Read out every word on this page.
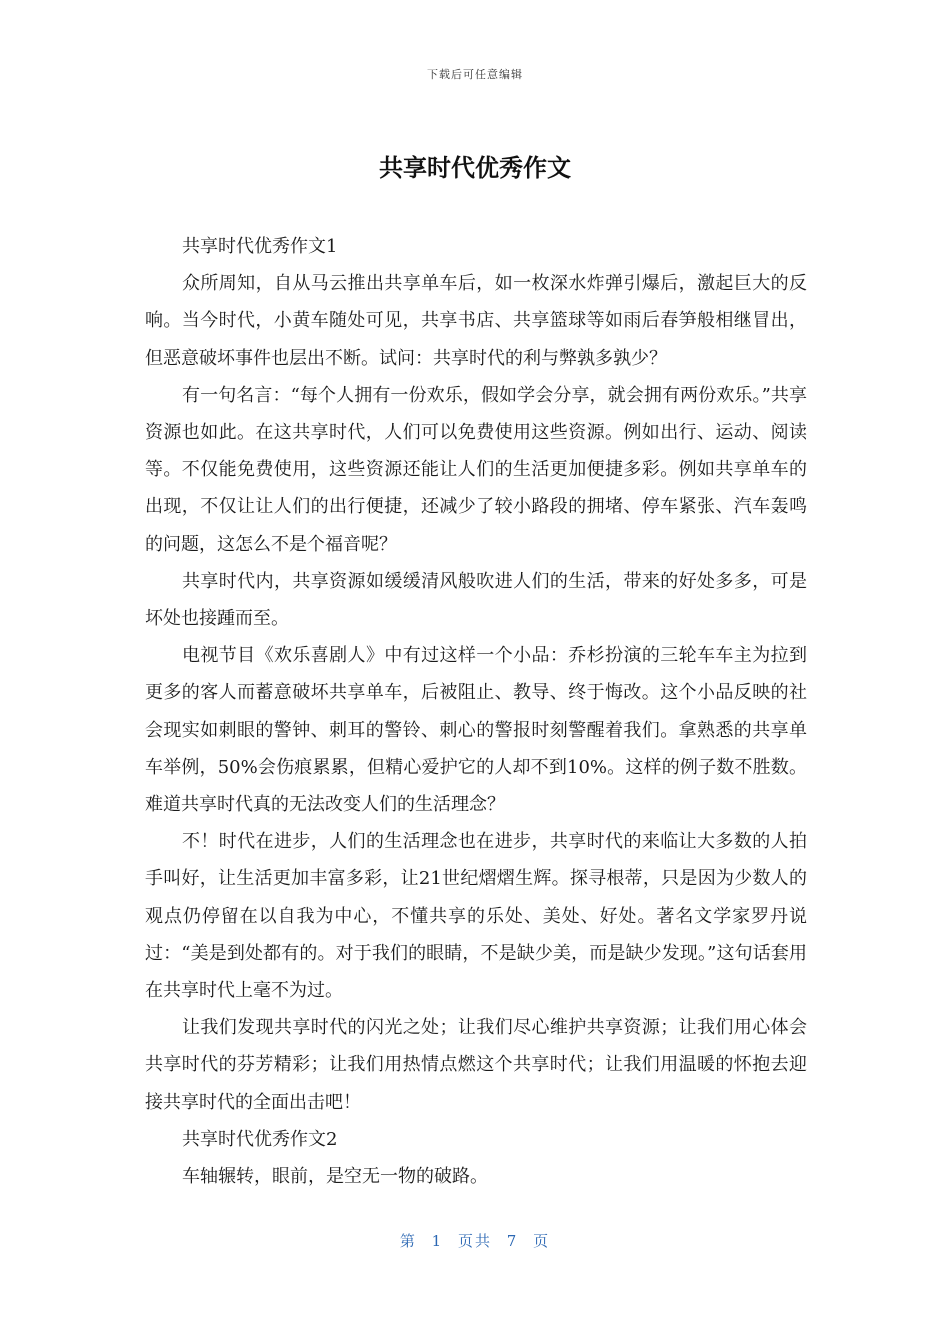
下载后可任意编辑
共享时代优秀作文

共享时代优秀作文1

众所周知，自从马云推出共享单车后，如一枚深水炸弹引爆后，激起巨大的反响。当今时代，小黄车随处可见，共享书店、共享篮球等如雨后春笋般相继冒出，但恶意破坏事件也层出不断。试问：共享时代的利与弊孰多孰少？

有一句名言：“每个人拥有一份欢乐，假如学会分享，就会拥有两份欢乐。”共享资源也如此。在这共享时代，人们可以免费使用这些资源。例如出行、运动、阅读等。不仅能免费使用，这些资源还能让人们的生活更加便捷多彩。例如共享单车的出现，不仅让让人们的出行便捷，还减少了较小路段的拥堵、停车紧张、汽车轰鸣的问题，这怎么不是个福音呢？

共享时代内，共享资源如缓缓清风般吹进人们的生活，带来的好处多多，可是坏处也接踵而至。

电视节目《欢乐喜剧人》中有过这样一个小品：乔杉扮演的三轮车车主为拉到更多的客人而蓄意破坏共享单车，后被阻止、教导、终于悔改。这个小品反映的社会现实如刺眼的警钟、刺耳的警铃、刺心的警报时刻警醒着我们。拿熟悉的共享单车举例，50%会伤痕累累，但精心爱护它的人却不到10%。这样的例子数不胜数。难道共享时代真的无法改变人们的生活理念？

不！时代在进步，人们的生活理念也在进步，共享时代的来临让大多数的人拍手叫好，让生活更加丰富多彩，让21世纪熠熠生辉。探寻根蒂，只是因为少数人的观点仍停留在以自我为中心，不懂共享的乐处、美处、好处。著名文学家罗丹说过：“美是到处都有的。对于我们的眼睛，不是缺少美，而是缺少发现。”这句话套用在共享时代上毫不为过。

让我们发现共享时代的闪光之处；让我们尽心维护共享资源；让我们用心体会共享时代的芬芳精彩；让我们用热情点燃这个共享时代；让我们用温暖的怀抱去迎接共享时代的全面出击吧！

共享时代优秀作文2

车轴辗转，眼前，是空无一物的破路。

第 1 页共 7 页
